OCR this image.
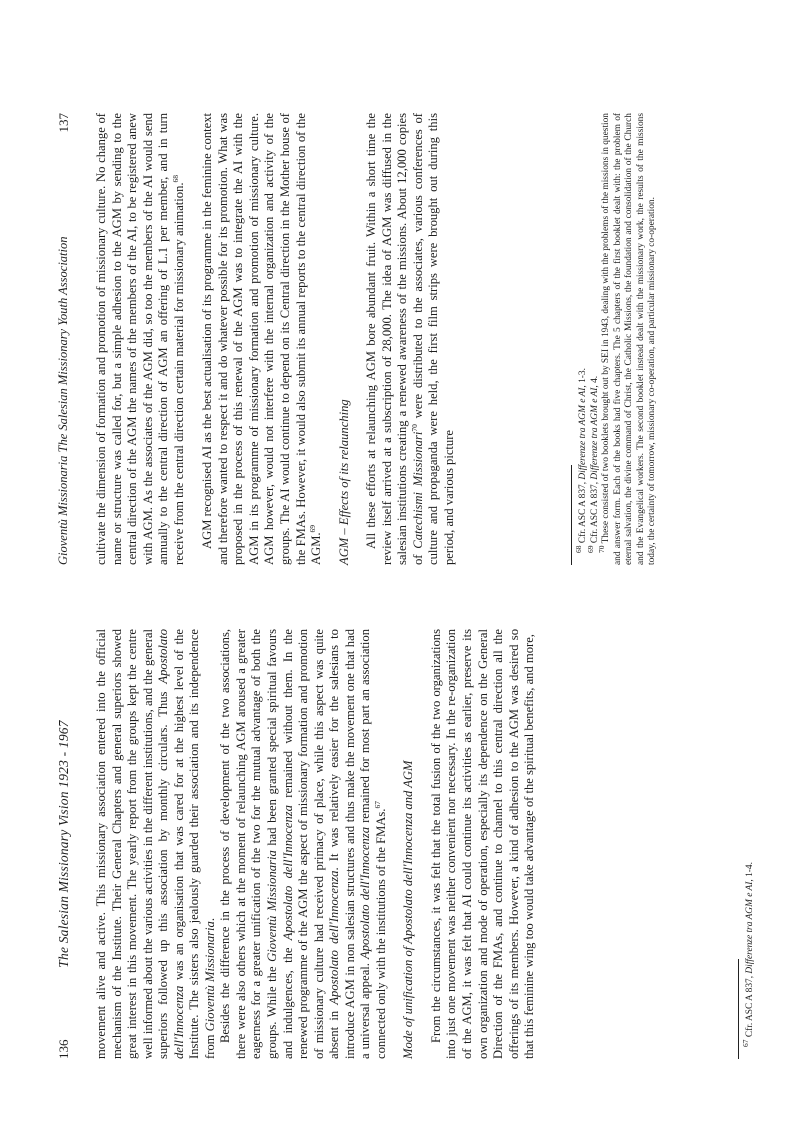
136
The Salesian Missionary Vision 1923 - 1967 movement alive and active. This missionary association entered into the official mechanism of the Institute. Their General Chapters and general superiors showed great interest in this movement. The yearly report from the groups kept the centre well informed about the various activities in the different institutions, and the general superiors followed up this association by monthly circulars. Thus Apostolato dell'Innocenza was an organisation that was cared for at the highest level of the Institute. The sisters also jealously guarded their association and its independence from Gioventù Missionaria. Besides the difference in the process of development of the two associations, there were also others which at the moment of relaunching AGM aroused a greater eagerness for a greater unification of the two for the mutual advantage of both the groups. While the Gioventù Missionaria had been granted special spiritual favours and indulgences, the Apostolato dell'Innocenza remained without them. In the renewed programme of the AGM the aspect of missionary formation and promotion of missionary culture had received primacy of place, while this aspect was quite absent in Apostolato dell'Innocenza. It was relatively easier for the salesians to introduce AGM in non salesian structures and thus make the movement one that had a universal appeal. Apostolato dell'Innocenza remained for most part an association connected only with the institutions of the FMAs.$^{67}$	Mode of unification of Apostolato dell'Innocenza and AGM From the circumstances, it was felt that the total fusion of the two organizations into just one movement was neither convenient nor necessary. In the re-organization of the AGM, it was felt that AI could continue its activities as earlier, preserve its own organization and mode of operation, especially its dependence on the General Direction of the FMAs, and continue to channel to this central direction all the offerings of its members. However, a kind of adhesion to the AGM was desired so that this feminine wing too would take advantage of the spiritual benefits, and more,	$^{67}$ Cfr. ASC A 837, Differenze tra AGM e AI, 1-4.

Gioventù Missionaria The Salesian Missionary Youth Association
137 cultivate the dimension of formation and promotion of missionary culture. No change of name or structure was called for, but a simple adhesion to the AGM by sending to the central direction of the AGM the names of the members of the AI, to be registered anew with AGM. As the associates of the AGM did, so too the members of the AI would send annually to the central direction of AGM an offering of L.1 per member, and in turn receive from the central direction certain material for missionary animation.$^{68}$	AGM recognised AI as the best actualisation of its programme in the feminine context and therefore wanted to respect it and do whatever possible for its promotion. What was proposed in the process of this renewal of the AGM was to integrate the AI with the AGM in its programme of missionary formation and promotion of missionary culture. AGM however, would not interfere with the internal organization and activity of the groups. The AI would continue to depend on its Central direction in the Mother house of the FMAs. However, it would also submit its annual reports to the central direction of the AGM.$^{69}$	AGM – Effects of its relaunching All these efforts at relaunching AGM bore abundant fruit. Within a short time the review itself arrived at a subscription of 28,000. The idea of AGM was diffused in the salesian institutions creating a renewed awareness of the missions. About 12,000 copies of Catechismi Missionari$^{70}$ were distributed to the associates, various conferences of culture and propaganda were held, the first film strips were brought out during this period, and various picture	$^{68}$ Cfr. ASC A 837, Differenze tra AGM e AI, 1-3.

$^{69}$ Cfr. ASC A 837, Differenze tra AGM e AI, 4.

$^{70}$ These consisted of two booklets brought out by SEI in 1943, dealing with the problems of the missions in question and answer form. Each of the books had five chapters. The 5 chapters of the first booklet dealt with: the problem of eternal salvation, the divine command of Christ, the Catholic Missions, the foundation and consolidation of the Church and the Evangelical workers. The second booklet instead dealt with the missionary work, the results of the missions today, the certainty of tomorrow, missionary co-operation, and particular missionary co-operation.
